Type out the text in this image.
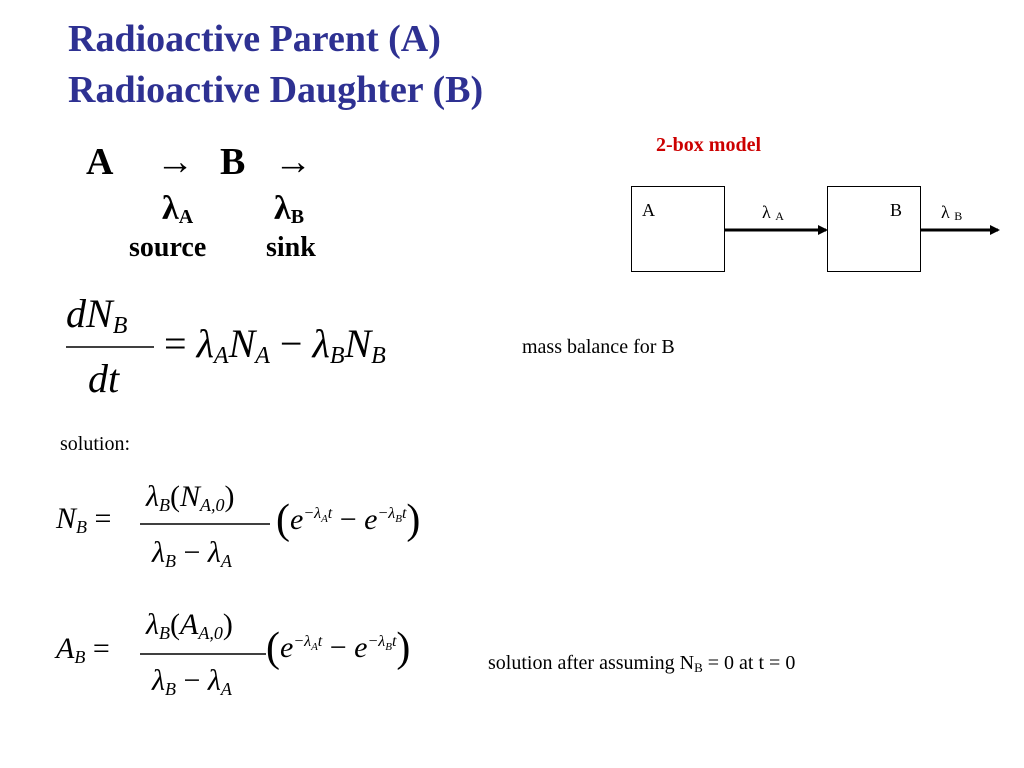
Radioactive Parent (A)
Radioactive Daughter (B)
A → B →
$\lambda_A$ $\lambda_B$
source sink
2-box model
A	B
λ $_A$	λ $_B$
$dN_B$
dt
= $\lambda_AN_A - \lambda_BN_B$	mass balance for B
solution:
$N_B$ =
$\lambda_B(N_{A,0})$
$\lambda_B - \lambda_A$
$(e^{-\lambda_At} - e^{-\lambda_Bt})$
$A_B$ =
$\lambda_B(A_{A,0})$
$\lambda_B - \lambda_A$
$(e^{-\lambda_At} - e^{-\lambda_Bt})$	solution after assuming $N_B = 0$ at t = 0
